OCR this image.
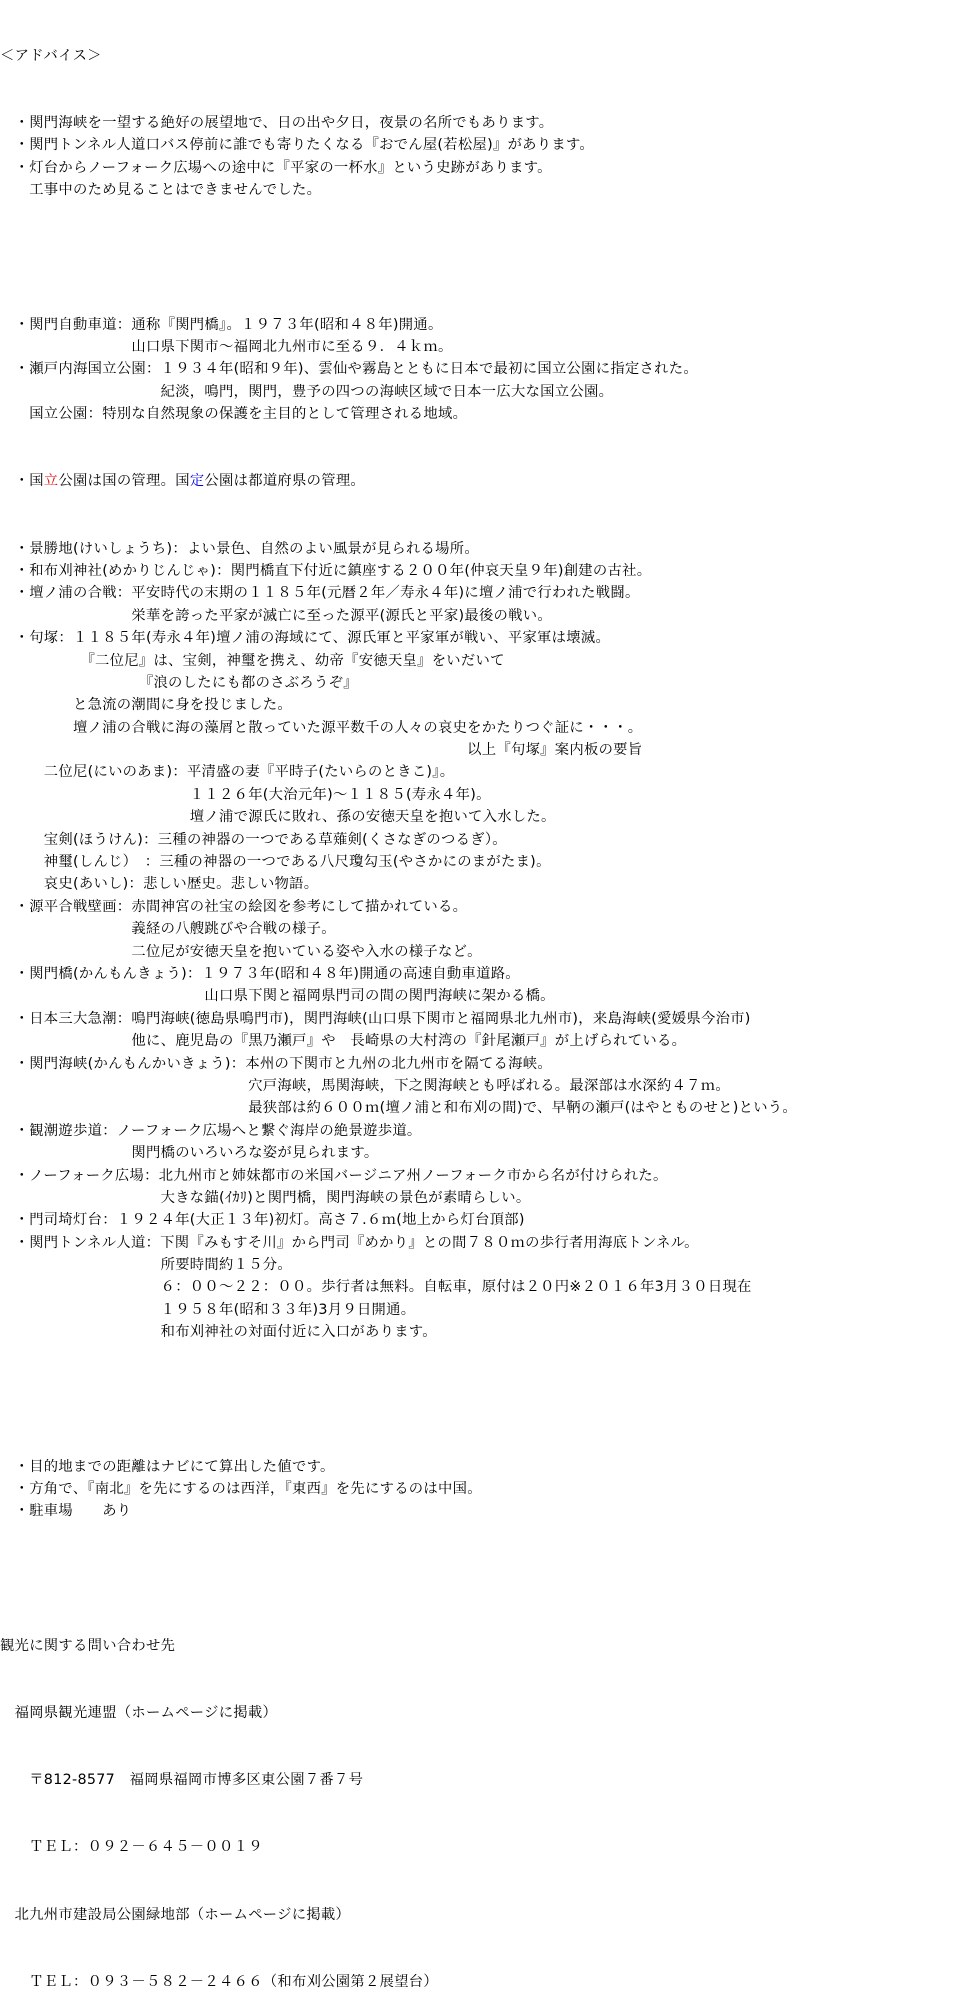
＜アドバイス＞

　・関門海峡を一望する絶好の展望地で、日の出や夕日，夜景の名所でもあります。
　・関門トンネル人道口バス停前に誰でも寄りたくなる『おでん屋(若松屋)』があります。
　・灯台からノーフォーク広場への途中に『平家の一杯水』という史跡があります。
　　工事中のため見ることはできませんでした。

　・関門自動車道：通称『関門橋』。１９７３年(昭和４８年)開通。
　　　　　　　　　山口県下関市～福岡北九州市に至る９．４ｋｍ。
　・瀬戸内海国立公園：１９３４年(昭和９年)、雲仙や霧島とともに日本で最初に国立公園に指定された。
　　　　　　　　　　　紀淡，鳴門，関門，豊予の四つの海峡区域で日本一広大な国立公園。
　　国立公園：特別な自然現象の保護を主目的として管理される地域。

　・国立公園は国の管理。国定公園は都道府県の管理。

　・景勝地(けいしょうち)：よい景色、自然のよい風景が見られる場所。
　・和布刈神社(めかりじんじゃ)：関門橋直下付近に鎮座する２００年(仲哀天皇９年)創建の古社。
　・壇ノ浦の合戦：平安時代の末期の１１８５年(元暦２年／寿永４年)に壇ノ浦で行われた戦闘。
　　　　　　　　　栄華を誇った平家が滅亡に至った源平(源氏と平家)最後の戦い。
　・句塚：１１８５年(寿永４年)壇ノ浦の海域にて、源氏軍と平家軍が戦い、平家軍は壊滅。
　　　　　　『二位尼』は、宝剣，神璽を携え、幼帝『安徳天皇』をいだいて
　　　　　　　　　　『浪のしたにも都のさぶろうぞ』
　　　　　と急流の潮間に身を投じました。
　　　　　壇ノ浦の合戦に海の藻屑と散っていた源平数千の人々の哀史をかたりつぐ証に・・・。
　　　　　　　　　　　　　　　　　　　　　　　　　　　　　　　　以上『句塚』案内板の要旨
　　　二位尼(にいのあま)：平清盛の妻『平時子(たいらのときこ)』。
　　　　　　　　　　　　　１１２６年(大治元年)～１１８５(寿永４年)。
　　　　　　　　　　　　　壇ノ浦で源氏に敗れ、孫の安徳天皇を抱いて入水した。
　　　宝剣(ほうけん)：三種の神器の一つである草薙剣(くさなぎのつるぎ）。
　　　神璽(しんじ）　：三種の神器の一つである八尺瓊勾玉(やさかにのまがたま)。
　　　哀史(あいし)：悲しい歴史。悲しい物語。
　・源平合戦壁画：赤間神宮の社宝の絵図を参考にして描かれている。
　　　　　　　　　義経の八艘跳びや合戦の様子。
　　　　　　　　　二位尼が安徳天皇を抱いている姿や入水の様子など。
　・関門橋(かんもんきょう)：１９７３年(昭和４８年)開通の高速自動車道路。
　　　　　　　　　　　　　　山口県下関と福岡県門司の間の関門海峡に架かる橋。
　・日本三大急潮：鳴門海峡(徳島県鳴門市)，関門海峡(山口県下関市と福岡県北九州市)，来島海峡(愛媛県今治市)
　　　　　　　　　他に、鹿児島の『黒乃瀬戸』や　長崎県の大村湾の『針尾瀬戸』が上げられている。
　・関門海峡(かんもんかいきょう)：本州の下関市と九州の北九州市を隔てる海峡。
　　　　　　　　　　　　　　　　　穴戸海峡，馬関海峡，下之関海峡とも呼ばれる。最深部は水深約４７ｍ。
　　　　　　　　　　　　　　　　　最狭部は約６００ｍ(壇ノ浦と和布刈の間)で、早鞆の瀬戸(はやとものせと)という。
　・観潮遊歩道：ノーフォーク広場へと繋ぐ海岸の絶景遊歩道。
　　　　　　　　　関門橋のいろいろな姿が見られます。
　・ノーフォーク広場：北九州市と姉妹都市の米国バージニア州ノーフォーク市から名が付けられた。
　　　　　　　　　　　大きな錨(ｲｶﾘ)と関門橋，関門海峡の景色が素晴らしい。
　・門司埼灯台：１９２４年(大正１３年)初灯。高さ７.６ｍ(地上から灯台頂部)
　・関門トンネル人道：下関『みもすそ川』から門司『めかり』との間７８０ｍの歩行者用海底トンネル。
　　　　　　　　　　　所要時間約１５分。
　　　　　　　　　　　６：００～２２：００。歩行者は無料。自転車，原付は２０円※２０１６年3月３０日現在
　　　　　　　　　　　１９５８年(昭和３３年)3月９日開通。
　　　　　　　　　　　和布刈神社の対面付近に入口があります。

　・目的地までの距離はナビにて算出した値です。
　・方角で、『南北』を先にするのは西洋，『東西』を先にするのは中国。
　・駐車場　　あり

観光に関する問い合わせ先

　福岡県観光連盟（ホームページに掲載）

　　〒812-8577　福岡県福岡市博多区東公園７番７号

　　ＴＥＬ：０９２－６４５－００１９

　北九州市建設局公園緑地部（ホームページに掲載）

　　ＴＥＬ：０９３－５８２－２４６６（和布刈公園第２展望台）
